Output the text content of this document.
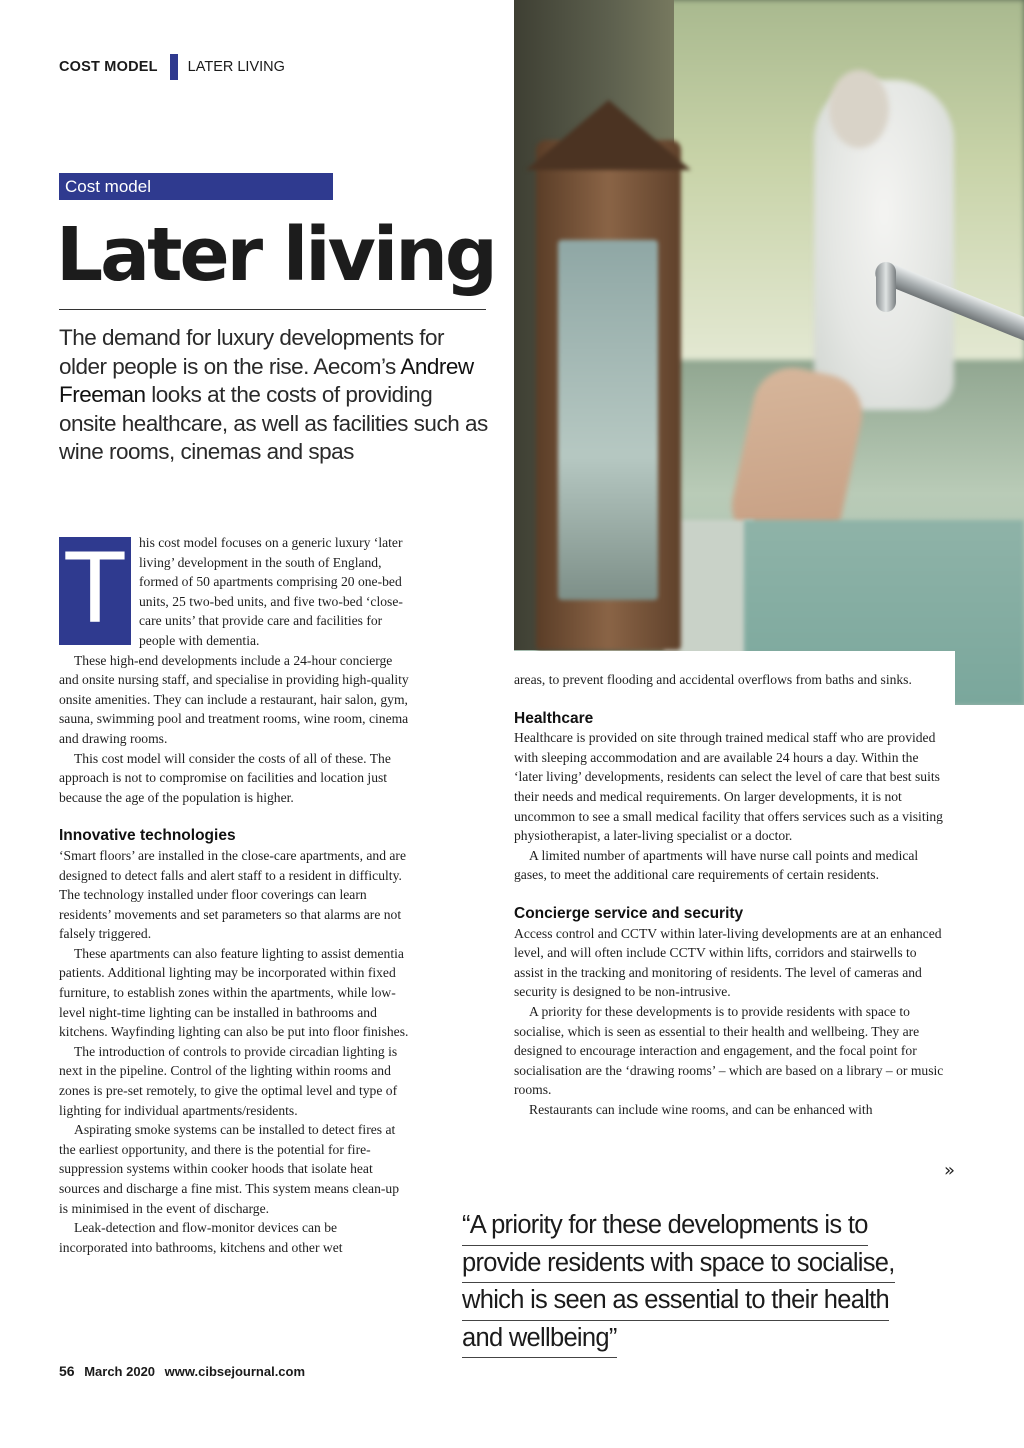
COST MODEL LATER LIVING
Cost model
Later living
The demand for luxury developments for older people is on the rise. Aecom’s Andrew Freeman looks at the costs of providing onsite healthcare, as well as facilities such as wine rooms, cinemas and spas

T	his cost model focuses on a generic luxury ‘later living’ development in the south of England, formed of 50 apartments comprising 20 one-bed units, 25 two-bed units, and five two-bed ‘close-care units’ that provide care and facilities for people with dementia.

These high-end developments include a 24-hour concierge and onsite nursing staff, and specialise in providing high-quality onsite amenities. They can include a restaurant, hair salon, gym, sauna, swimming pool and treatment rooms, wine room, cinema and drawing rooms.

This cost model will consider the costs of all of these. The approach is not to compromise on facilities and location just because the age of the population is higher.

Innovative technologies

‘Smart floors’ are installed in the close-care apartments, and are designed to detect falls and alert staff to a resident in difficulty. The technology installed under floor coverings can learn residents’ movements and set parameters so that alarms are not falsely triggered.

These apartments can also feature lighting to assist dementia patients. Additional lighting may be incorporated within fixed furniture, to establish zones within the apartments, while low-level night-time lighting can be installed in bathrooms and kitchens. Wayfinding lighting can also be put into floor finishes.

The introduction of controls to provide circadian lighting is next in the pipeline. Control of the lighting within rooms and zones is pre-set remotely, to give the optimal level and type of lighting for individual apartments/residents.

Aspirating smoke systems can be installed to detect fires at the earliest opportunity, and there is the potential for fire-suppression systems within cooker hoods that isolate heat sources and discharge a fine mist. This system means clean-up is minimised in the event of discharge.

Leak-detection and flow-monitor devices can be incorporated into bathrooms, kitchens and other wet

areas, to prevent flooding and accidental overflows from baths and sinks.

Healthcare

Healthcare is provided on site through trained medical staff who are provided with sleeping accommodation and are available 24 hours a day. Within the ‘later living’ developments, residents can select the level of care that best suits their needs and medical requirements. On larger developments, it is not uncommon to see a small medical facility that offers services such as a visiting physiotherapist, a later-living specialist or a doctor.

A limited number of apartments will have nurse call points and medical gases, to meet the additional care requirements of certain residents.

Concierge service and security

Access control and CCTV within later-living developments are at an enhanced level, and will often include CCTV within lifts, corridors and stairwells to assist in the tracking and monitoring of residents. The level of cameras and security is designed to be non-intrusive.

A priority for these developments is to provide residents with space to socialise, which is seen as essential to their health and wellbeing. They are designed to encourage interaction and engagement, and the focal point for socialisation are the ‘drawing rooms’ – which are based on a library – or music rooms.

Restaurants can include wine rooms, and can be enhanced with

»
“A priority for these developments is to
provide residents with space to socialise,
which is seen as essential to their health
and wellbeing”
56 March 2020 www.cibsejournal.com
